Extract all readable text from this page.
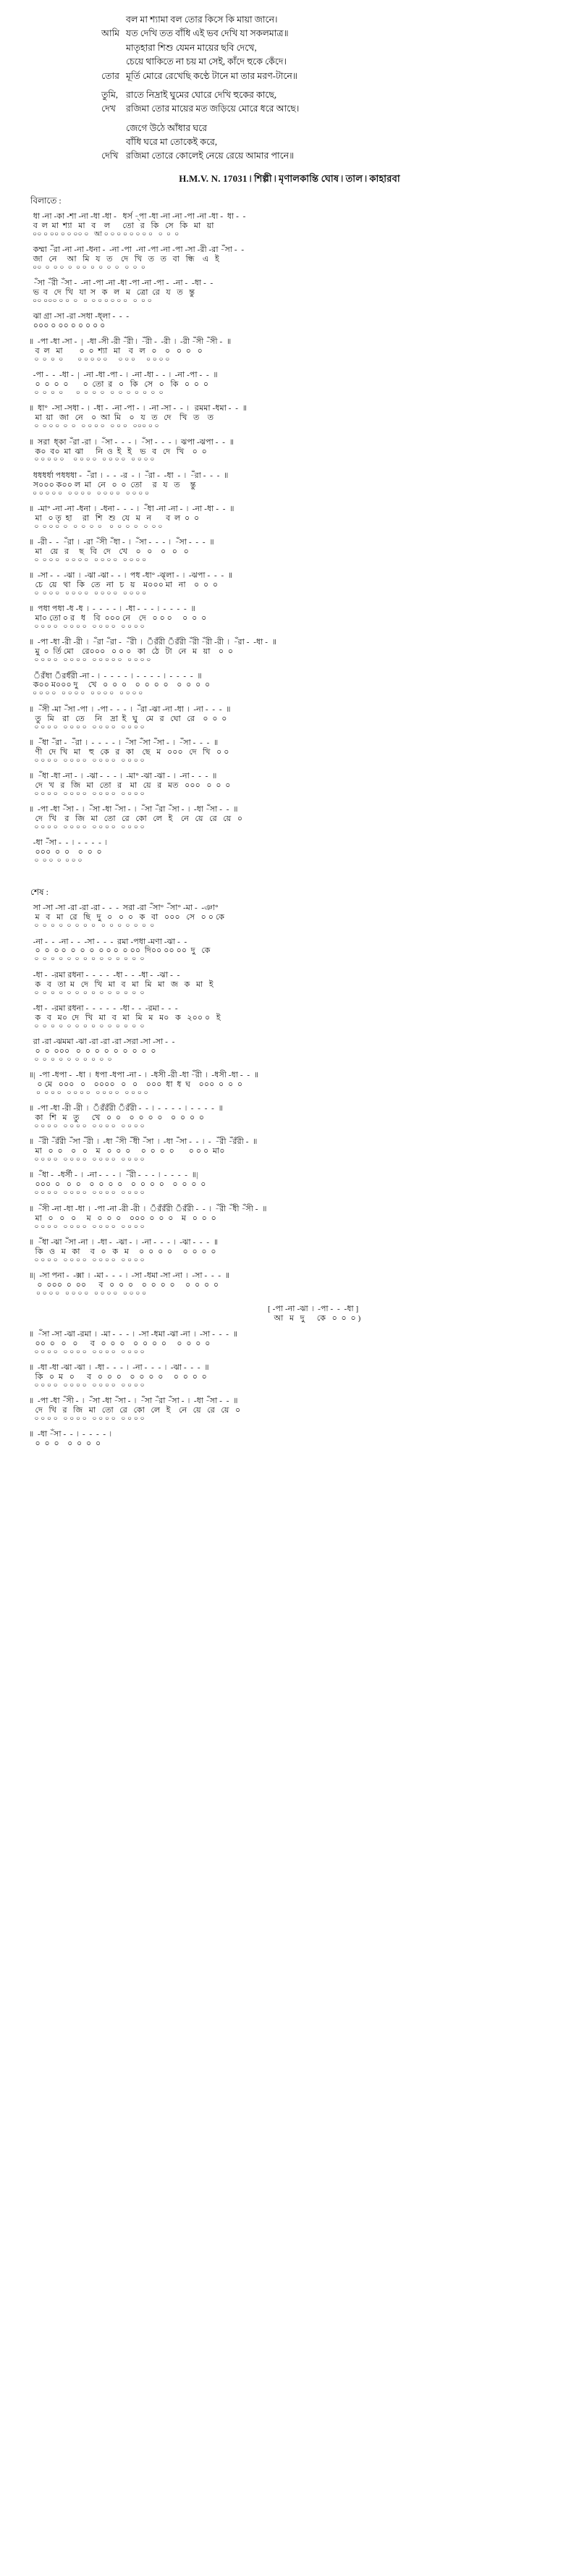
বল মা শ্যামা বল তোর কিসে কি মায়া জানে।
আমি যত দেখি তত বাঁধি এই ভব দেখি যা সকলমাত্র॥
মাতৃহারা শিশু যেমন মায়ের ছবি দেখে,
চেয়ে থাকিতে না চয় মা সেই, কাঁদে হুকে কেঁদে।
তোর মূর্তি মোরে রেখেছি কণ্ঠে টানে মা তার মরণ-টানে॥
তুমি, রাতে নিদ্রাই ঘুমের ঘোরে দেখি হুকের কাছে,
দেখ	রজিমা তোর মায়ের মত জড়িয়ে মোরে ধরে আছে।
জেগে উঠে আঁধার ঘরে
বাঁধি ঘরে মা তোকেই করে,
দেখি রজিমা তোরে কোলেই নেয়ে রেয়ে আমার পানে॥
H.M.V. N. 17031 ৷ শিল্পী ৷ মৃণালকান্তি ঘোষ ৷ তাল ৷ কাহারবা
বিলাতে :
ধা -না -কা -শা -না -ধা -ধা -   ধর্স -্পা -ধা -না -না -পা -না -ধা -  ধা -  -
ব  ল  মা  শ্যা   মা   ব    ল      তো   র   কি   সে   কি   মা   য়া
০০ ০ ০০ ০ ০ ০০ ০   আ ০ ০ ০ ০ ০ ০ ০ ০   ০  ০  ০
কম্মা -ঁরা -না -না -ধনা -  -না -পা  -না -পা -না -পা -সা -রী -রা -ঁসা -  -
জা   নে     আ   মি   য   ত    দে   খি   ত   ত   বা   ন্ধি    এ   ই
০০  ০  ০ ০  ০  ০ ০  ০  ০  ০  ০   ০  ০  ০
-ঁসা -ঁরী -ঁসা -  -না -পা -না -ধা -পা -না -পা -  -না -  -ধা -  -
ভ  ব   দে  খি   যা  স   ক   ল   ম   ত্রো  রে   য   ত   ন্তু
০০ ০০০ ০ ০  ০   ০  ০ ০ ০ ০ ০ ০   ০  ০ ০
ঝা গ্রা -সা -রা -সধা -ধ্লা -  -  -
০০০ ০ ০০ ০ ০ ০ ০ ০
॥  -পা -ধা -সা -  |  -ধা -সী -রী -ঁরী ৷  -ঁরী -  -রী  ৷  -রী -ঁসী -ঁসী -  ॥
ব  ল   মা        ০  ০  শ্যা   মা    ব   ল   ০    ০   ০  ০   ০
০  ০  ০  ০        ০ ০ ০ ০ ০      ০ ০ ০      ০ ০ ০ ০
-পা -  -  -ধা -  |  -না -ধা -পা -  ৷  -না -ধা -  -  ৷  -না -পা -  -  ॥
০  ০  ০  ০       ০  তো  র   ০   কি   সে   ০   কি   ০  ০  ০
০  ০  ০  ০       ০  ০  ০  ০   ০  ০  ০  ০  ০  ০  ০
॥  ধা°  -সা -সধা -  ৷  -ধা -  -না -পা -  ৷  -না -সা -  -  ৷   রমমা -ধমা -  -  ॥
মা  য়া   জা   নে    ০  আ  মি    ০   য   ত   দে    খি   ত    ত
০  ০ ০ ০  ০  ০   ০ ০ ০ ০   ০ ০ ০   ০০০ ০ ০
॥  সরা  ধ্কা -ঁরা -রা  ৷  -ঁসা -  -  -  ৷  -ঁসা -  -  -  ৷  ঝপা -ঝপা -  -  ॥
ক০  ব০  মা  ঝা      নি  ও  ই   ই    ভ   ব   দে   খি    ০  ০
০ ০ ০ ০ ০     ০ ০ ০ ০   ০ ০ ০ ০   ০ ০ ০ ০
ধধধর্ধা পধধধা -  -ঁরা  ৷  -  -  -র  -  ৷  -ঁরা -  -ধা  -  ৷  -ঁরা -  -  -  ॥
স০০০ ক০০ ল  মা   নে   ০  ০  তো     র   য   ত     ন্তু
০ ০ ০ ০ ০   ০ ০ ০ ০   ০ ০ ০ ০   ০ ০ ০ ০
॥  -মা° -না -না -ধনা  ৷  -ধনা -  -  -  ৷  -ঁধা -না -না -  ৷  -না -ধা -  -  ॥
মা   ০ তৃ  হা     রা   শি   শু   যে   ম   ন       ব  ল  ০  ০
০  ০ ০ ০  ০   ০  ০  ০  ০    ০  ০  ০  ০   ০  ০ ০
॥  -রী -  -  -ঁরা  ৷  -রা -ঁসী -ঁধা -  ৷  -ঁসা -  -  -  ৷  -ঁসা -  -  -  ॥
মা    য়ে   র     ছ   বি   দে    খে    ০   ০    ০   ০   ০
০  ০ ০ ০   ০ ০ ০ ০   ০ ০ ০ ০   ০ ০ ০ ০
॥  -সা -  -  -ঝা  ৷  -ঝা -ঝা -  -  ৷  পধ -ধা° -ঝ্লা -  ৷  -ঝপা -  -  -  ॥
চে   য়ে   থা   কি   তে   না   চ   য়    ম০০০ মা   না    ০  ০  ০
০  ০ ০ ০   ০ ০ ০ ০   ০ ০ ০ ০   ০ ০ ০ ০
॥  পধা পধা -ধ -ধ  ৷  -  -  -  -  ৷  -ধা -  -  -  ৷  -  -  -  -  ॥
মা০ তো ০ র   ধ    বি  ০০০ নে    দে   ০ ০ ০     ০  ০  ০
০ ০ ০ ০   ০ ০ ০ ০   ০ ০ ০ ০   ০ ০ ০ ০
॥  -পা -ধা -রী -রী  ৷  -ঁরা -ঁরা -  -ঁরী  ৷  ঁরঁরী ঁরঁরী -ঁরী -ঁরী -রী  ৷  -ঁরা -  -ধা -  ॥
মু  ০  র্তি মো    রে০০০   ০ ০ ০   কা   ঠে   টা   নে   ম   য়া    ০  ০
০ ০ ০ ০   ০ ০ ০ ০   ০ ০ ০ ০ ০   ০ ০ ০ ০
ঁরঁধা ঁরধঁরী -না -  ৷  -  -  -  -  ৷  -  -  -  -  ৷  -  -  -  -  ॥
ক০০ ম০০০ দু     খে   ০  ০  ০    ০  ০  ০  ০    ০  ০  ০  ০
০ ০ ০ ০   ০ ০ ০ ০   ০ ০ ০ ০   ০ ০ ০ ০
॥  -ঁসী -মা -ঁসা -পা  ৷  -পা -  -  -  ৷  -ঁরা -ঝা -না -ধা  ৷  -না -  -  -  ॥
তু   মি    রা   তে     নি    দ্রা  ই   ঘু    মে   র   ঘো   রে    ০  ০  ০
০ ০ ০ ০   ০ ০ ০ ০   ০ ০ ০ ০   ০ ০ ০ ০
॥  -ঁধা -ঁরা -  -ঁরা  ৷  -  -  -  -  ৷  -ঁসা -ঁসা -ঁসা -  ৷  -ঁসা -  -  -  ॥
ণী   দে  খি   মা    হু   কে   র   কা    ছে   ম   ০০০   দে   খি   ০ ০
০ ০ ০ ০   ০ ০ ০ ০   ০ ০ ০ ০   ০ ০ ০ ০
॥  -ঁধা -ধা -না -  ৷  -ঝা -  -  -  ৷  -মা° -ঝা -ঝা -  ৷  -না -  -  -  ॥
দে   খ   র   জি   মা   তো   র    মা   য়ে   র   মত   ০০০   ০  ০  ০
০ ০ ০ ০   ০ ০ ০ ০   ০ ০ ০ ০   ০ ০ ০ ০
॥  -পা -ধা -ঁসা -  ৷  -ঁসা -ধা -ঁসা -  ৷  -ঁসা -ঁরা -ঁসা -  ৷  -ধা -ঁসা -  -  ॥
দে   খি    র   জি   মা   তো   রে   কো   লে   ই    নে   য়ে   রে   য়ে   ০
০ ০ ০ ০   ০ ০ ০ ০   ০ ০ ০ ০   ০ ০ ০ ০
-ধা -ঁসা -  -  ৷  -  -  -  -  ৷
০০০  ০  ০    ০  ০  ০
০  ০ ০  ০  ০ ০ ০
শেষ :
সা -সা -সা -রা -রা -রা -  -  -  সরা -রা -ঁসা° -ঁসা° -মা -  -ঞা°
ম   ব   মা   রে   ছি   দু   ০   ০  ০   ক   বা   ০০০   সে   ০ ০ কে
০  ০  ০  ০  ০  ০  ০  ০   ০  ০  ০  ০  ০  ০  ০
-না -  -  -না -  -  -সা -  -  -  রমা -পধা -মণা -ঝা -  -
০  ০  ০ ০  ০  ০  ০  ০ ০ ০  ০ ০০  দি০০ ০০ ০০  দু   কে
০  ০  ০  ০  ০  ০  ০  ০  ০  ০  ০  ০  ০  ০
-ধা -  -রমা রধনা -  -  -  -  -ধা -  -  -ধা -  -ঝা -  -
ক   ব   তা  ম   দে   খি   মা   ব   মা   মি   মা   জ   ক   মা   ই
০  ০  ০  ০  ০  ০  ০  ০  ০  ০  ০  ০  ০  ০
-ধা -  -রমা রধনা -  -  -  -  -  -ধা -  -  -রমা -  -  -
ক   ব   ম০  দে   খি   মা   ব   মা   মি   ম   ম০   ক   ২০০ ০   ই
০  ০  ০  ০  ০  ০  ০  ০  ০  ০  ০  ০  ০  ০
রা -রা -ঝমমা -ঝা -রা -রা -রা -সরা -সা -সা -  -
০  ০  ০০০   ০  ০  ০  ০  ০  ০  ০  ০  ০
০  ০  ০  ০  ০  ০  ০  ০  ০  ০
॥|  -পা -ধপা -  -ধা  ৷  ধপা -ধপা -না -  ৷  -ধসী -রী -ধা -ঁরী  ৷  -ধসী -ধা -  -  ॥
০ মে   ০০০   ০    ০০০০   ০   ০    ০০০  ধা  ধ  ঘ    ০০০  ০  ০  ০
০  ০ ০ ০   ০ ০ ০ ০   ০ ০ ০ ০   ০ ০ ০ ০
॥  -পা -ধা -রী -রী  ৷  ঁরঁরঁরী ঁরঁরী -  -  ৷  -  -  -  -  ৷  -  -  -  -  ॥
কা   শি   ম   তু      খে   ০  ০    ০  ০  ০  ০    ০  ০  ০  ০
০ ০ ০ ০   ০ ০ ০ ০   ০ ০ ০ ০   ০ ০ ০ ০
॥  -ঁরী -ঁরঁরী -ঁসা -ঁরী  ৷  -ধা -ঁসী -ঁধী -ঁসা  ৷  -ধা -ঁসা -  -  ৷  -  -ঁরী -ঁরঁরী -  ॥
মা   ০  ০    ০   ০    ম   ০  ০  ০     ০  ০  ০  ০       ০ ০ ০  মা০
০ ০ ০ ০   ০ ০ ০ ০   ০ ০ ০ ০   ০ ০ ০ ০
॥  -ঁধা -  -ধর্সী -  ৷  -না -  -  -  ৷  -ঁরী -  -  -  ৷  -  -  -  -  ॥|
০০০  ০   ০  ০    ০  ০  ০  ০    ০  ০  ০  ০    ০  ০  ০  ০
০ ০ ০ ০   ০ ০ ০ ০   ০ ০ ০ ০   ০ ০ ০ ০
॥  -ঁসী -না -ধা -ধা  ৷  -পা -না -রী -রী  ৷  ঁরঁরঁরী ঁরঁরী -  -  ৷  -ঁরী -ঁধী -ঁসী -  ॥
মা   ০   ০   ০     ম   ০  ০  ০    ০০০  ০  ০  ০    ম   ০  ০  ০
০ ০ ০ ০   ০ ০ ০ ০   ০ ০ ০ ০   ০ ০ ০ ০
॥  -ঁধা -ঝা -ঁসা -না  ৷  -ধা -  -ঝা -  ৷  -না -  -  -  ৷  -ঝা -  -  -  ॥
কি   ও   ম   কা     ব   ০   ক   ম     ০  ০  ০  ০     ০  ০  ০  ০
০ ০ ০ ০   ০ ০ ০ ০   ০ ০ ০ ০   ০ ০ ০ ০
॥|  -সা পনা -  -ক্সা  ৷  -মা -  -  -  ৷  -সা -ধমা -সা -না  ৷  -সা -  -  -  ॥
০  ০০০  ০  ০০      ব   ০  ০  ০    ০  ০  ০  ০     ০  ০  ০  ০
০ ০ ০ ০   ০ ০ ০ ০   ০ ০ ০ ০   ০ ০ ০ ০
[ -পা -না -ঝা  ৷  -পা -  -  -ধা ]
আ   ম   দু      কে   ০  ০  ০ )
॥  -ঁসা -সা -ঝা -রমা  ৷  -মা -  -  -  ৷  -সা -ধমা -ঝা -না  ৷  -সা -  -  -  ॥
০০  ০   ০   ০      ব   ০  ০  ০    ০  ০  ০  ০     ০  ০  ০  ০
০ ০ ০ ০   ০ ০ ০ ০   ০ ০ ০ ০   ০ ০ ০ ০
॥  -ধা -ধা -ঝা -ঝা  ৷  -ধা -  -  -  ৷  -না -  -  -  ৷  -ঝা -  -  -  ॥
কি   ০  ম   ০      ব   ০  ০  ০    ০  ০  ০  ০     ০  ০  ০  ০
০ ০ ০ ০   ০ ০ ০ ০   ০ ০ ০ ০   ০ ০ ০ ০
॥  -পা -ধা -ঁসী -  ৷  -ঁসা -ধা -ঁসা -  ৷  -ঁসা -ঁরা -ঁসা -  ৷  -ধা -ঁসা -  -  ॥
দে   খি   র   জি   মা   তো   রে   কো   লে   ই    নে   য়ে   রে   য়ে   ০
০ ০ ০ ০   ০ ০ ০ ০   ০ ০ ০ ০   ০ ০ ০ ০
॥  -ধা -ঁসা -  -  ৷  -  -  -  -  ৷
০  ০  ০    ০  ০  ০  ০
